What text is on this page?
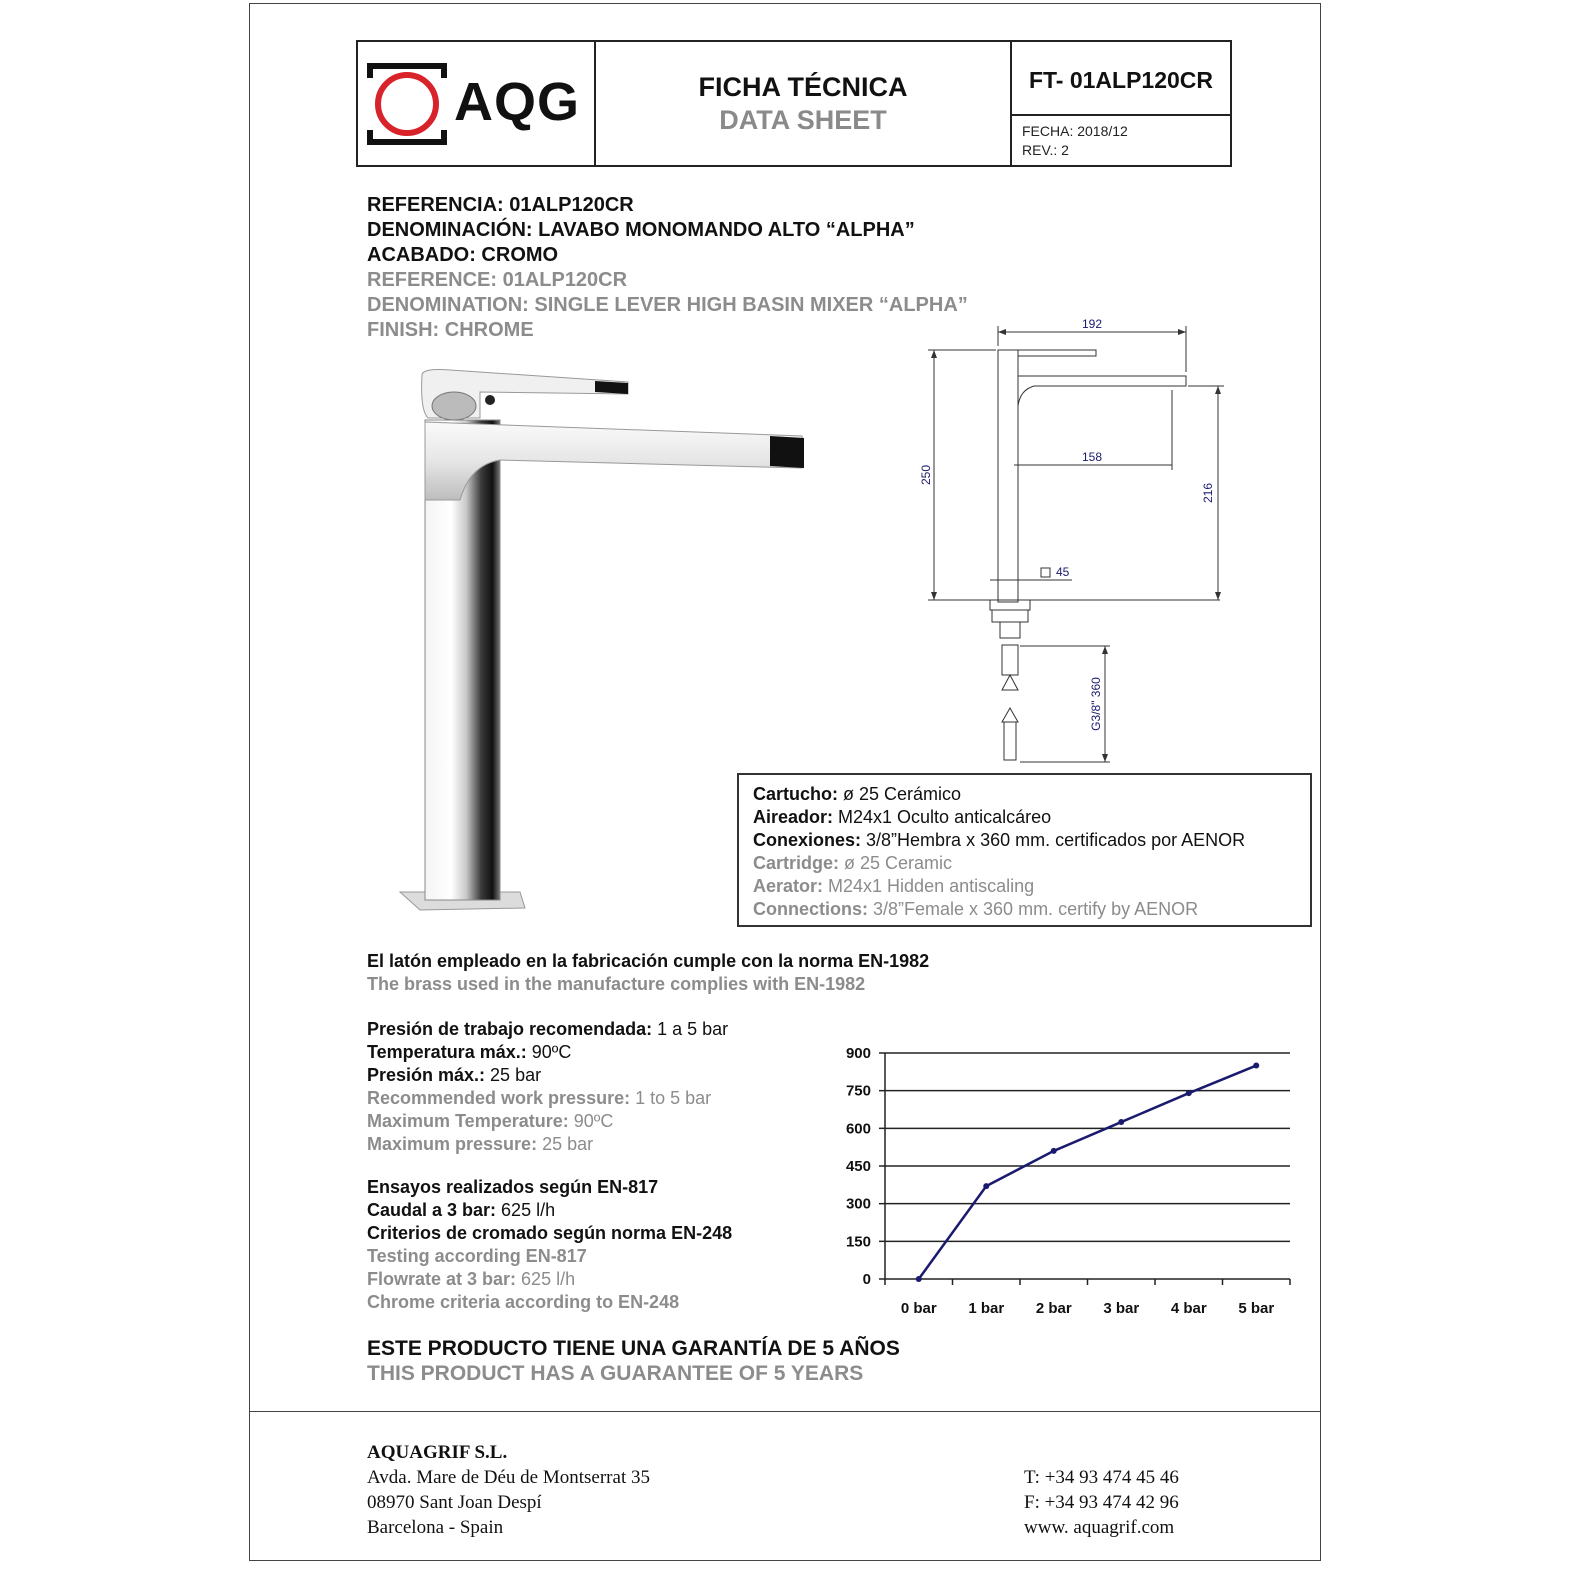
AQG	FICHA TÉCNICA
DATA SHEET
FT- 01ALP120CR
FECHA: 2018/12
REV.: 2
REFERENCIA: 01ALP120CR
DENOMINACIÓN: LAVABO MONOMANDO ALTO “ALPHA”
ACABADO: CROMO
REFERENCE: 01ALP120CR
DENOMINATION: SINGLE LEVER HIGH BASIN MIXER “ALPHA”
FINISH: CHROME	192
158
45
250
216
G3/8" 360
Cartucho: ø 25 Cerámico
Aireador: M24x1 Oculto anticalcáreo
Conexiones: 3/8”Hembra x 360 mm. certificados por AENOR
Cartridge: ø 25 Ceramic
Aerator: M24x1 Hidden antiscaling
Connections: 3/8”Female x 360 mm. certify by AENOR
El latón empleado en la fabricación cumple con la norma EN-1982
The brass used in the manufacture complies with EN-1982
Presión de trabajo recomendada: 1 a 5 bar
Temperatura máx.: 90ºC
Presión máx.: 25 bar
Recommended work pressure: 1 to 5 bar
Maximum Temperature: 90ºC
Maximum pressure: 25 bar
Ensayos realizados según EN-817
Caudal a 3 bar: 625 l/h
Criterios de cromado según norma EN-248
Testing according EN-817
Flowrate at 3 bar: 625 l/h
Chrome criteria according to EN-248
0
150
300
450
600
750
900
0 bar 1 bar 2 bar 3 bar 4 bar 5 bar
ESTE PRODUCTO TIENE UNA GARANTÍA DE 5 AÑOS
THIS PRODUCT HAS A GUARANTEE OF 5 YEARS
AQUAGRIF S.L.
Avda. Mare de Déu de Montserrat 35
08970 Sant Joan Despí
Barcelona - Spain
T: +34 93 474 45 46
F: +34 93 474 42 96
www. aquagrif.com
